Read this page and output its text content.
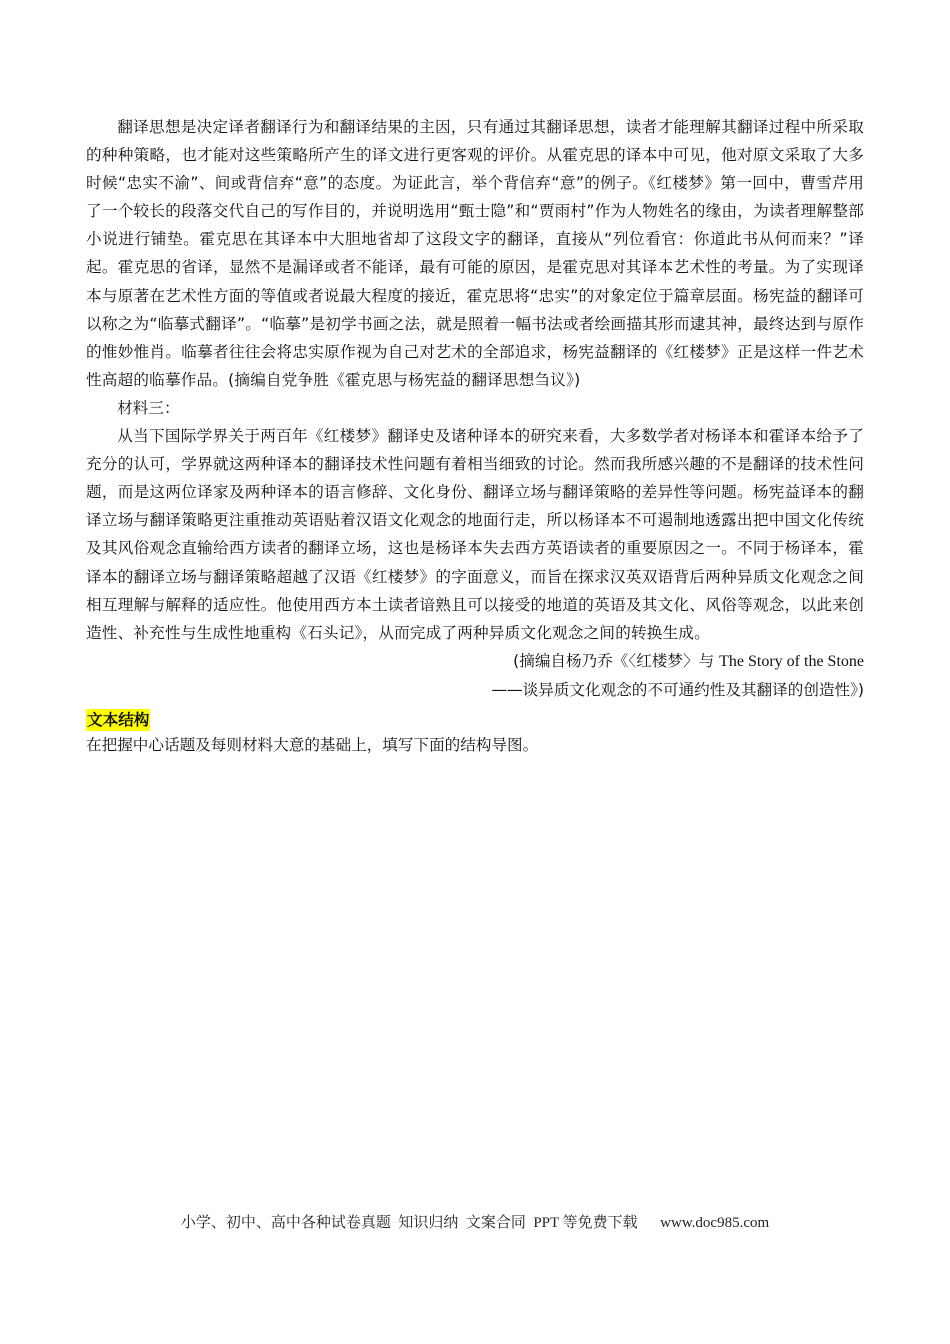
翻译思想是决定译者翻译行为和翻译结果的主因，只有通过其翻译思想，读者才能理解其翻译过程中所采取的种种策略，也才能对这些策略所产生的译文进行更客观的评价。从霍克思的译本中可见，他对原文采取了大多时候“忠实不渝”、间或背信弃“意”的态度。为证此言，举个背信弃“意”的例子。《红楼梦》第一回中，曹雪芹用了一个较长的段落交代自己的写作目的，并说明选用“甄士隐”和“贾雨村”作为人物姓名的缘由，为读者理解整部小说进行铺垫。霍克思在其译本中大胆地省却了这段文字的翻译，直接从“列位看官：你道此书从何而来？”译起。霍克思的省译，显然不是漏译或者不能译，最有可能的原因，是霍克思对其译本艺术性的考量。为了实现译本与原著在艺术性方面的等值或者说最大程度的接近，霍克思将“忠实”的对象定位于篇章层面。杨宪益的翻译可以称之为“临摹式翻译”。“临摹”是初学书画之法，就是照着一幅书法或者绘画描其形而逮其神，最终达到与原作的惟妙惟肖。临摹者往往会将忠实原作视为自己对艺术的全部追求，杨宪益翻译的《红楼梦》正是这样一件艺术性高超的临摹作品。(摘编自党争胜《霍克思与杨宪益的翻译思想刍议》)

材料三：

从当下国际学界关于两百年《红楼梦》翻译史及诸种译本的研究来看，大多数学者对杨译本和霍译本给予了充分的认可，学界就这两种译本的翻译技术性问题有着相当细致的讨论。然而我所感兴趣的不是翻译的技术性问题，而是这两位译家及两种译本的语言修辞、文化身份、翻译立场与翻译策略的差异性等问题。杨宪益译本的翻译立场与翻译策略更注重推动英语贴着汉语文化观念的地面行走，所以杨译本不可遏制地透露出把中国文化传统及其风俗观念直输给西方读者的翻译立场，这也是杨译本失去西方英语读者的重要原因之一。不同于杨译本，霍译本的翻译立场与翻译策略超越了汉语《红楼梦》的字面意义，而旨在探求汉英双语背后两种异质文化观念之间相互理解与解释的适应性。他使用西方本土读者谙熟且可以接受的地道的英语及其文化、风俗等观念，以此来创造性、补充性与生成性地重构《石头记》，从而完成了两种异质文化观念之间的转换生成。

(摘编自杨乃乔《〈红楼梦〉与 The Story of the Stone

——谈异质文化观念的不可通约性及其翻译的创造性》)

文本结构

在把握中心话题及每则材料大意的基础上，填写下面的结构导图。

小学、初中、高中各种试卷真题  知识归纳  文案合同  PPT 等免费下载      www.doc985.com
